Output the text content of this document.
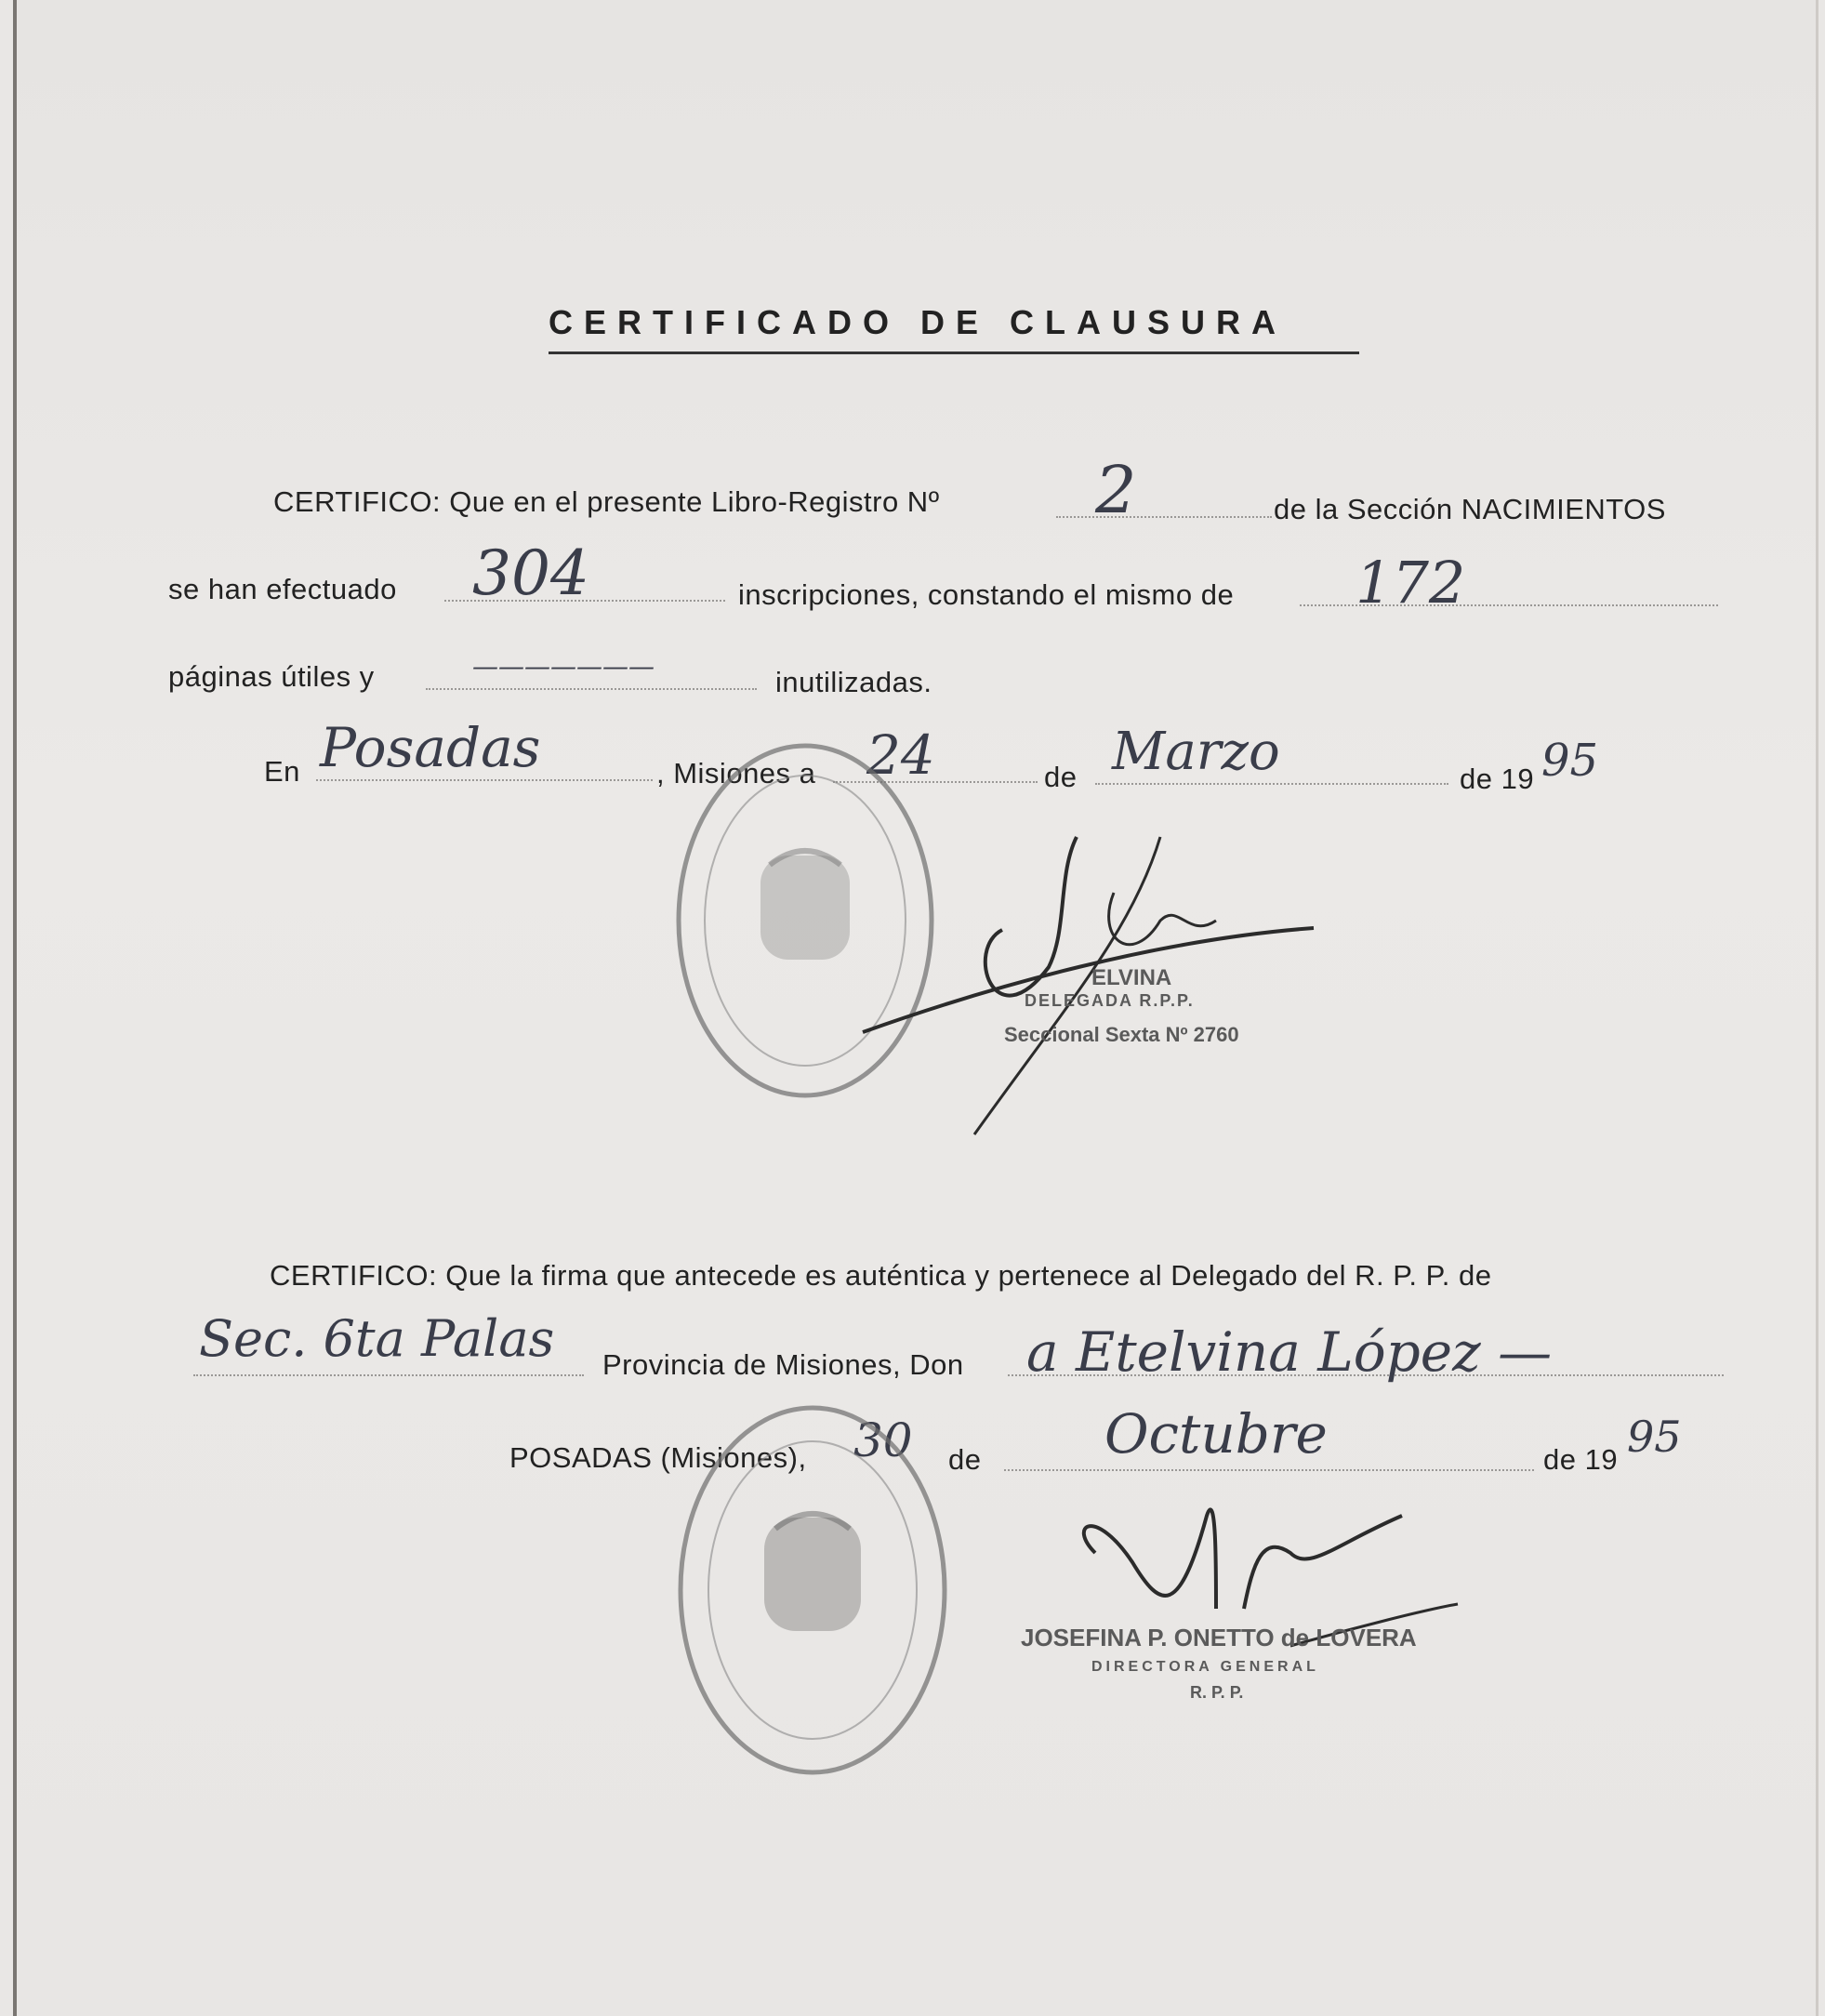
CERTIFICADO DE CLAUSURA
CERTIFICO: Que en el presente Libro-Registro Nº 2	de la Sección NACIMIENTOS
se han efectuado 304	inscripciones, constando el mismo de 172
páginas útiles y	———————	inutilizadas.
En Posadas	, Misiones a 24	de Marzo	de 19 95
ELVINA
DELEGADA R.P.P.
Seccional Sexta Nº 2760
CERTIFICO: Que la firma que antecede es auténtica y pertenece al Delegado del R. P. P. de
Sec. 6ta Palas Provincia de Misiones, Don a Etelvina López —
POSADAS (Misiones), 30 de Octubre	de 19 95
JOSEFINA P. ONETTO de LOVERA
DIRECTORA GENERAL
R. P. P.
